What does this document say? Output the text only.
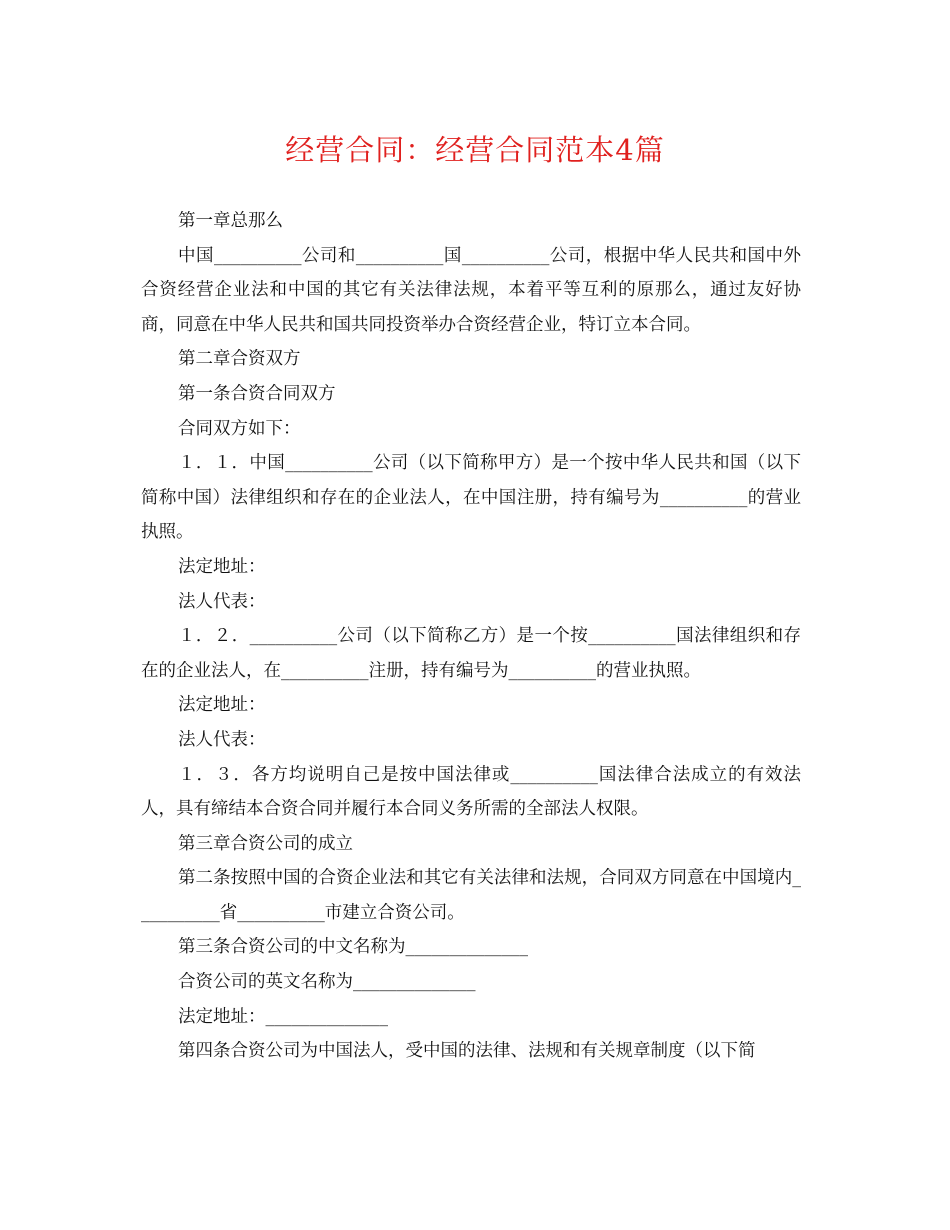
经营合同：经营合同范本4篇

第一章总那么

中国__________公司和__________国__________公司，根据中华人民共和国中外合资经营企业法和中国的其它有关法律法规，本着平等互利的原那么，通过友好协商，同意在中华人民共和国共同投资举办合资经营企业，特订立本合同。

第二章合资双方

第一条合资合同双方

合同双方如下：

１．１．中国__________公司（以下简称甲方）是一个按中华人民共和国（以下简称中国）法律组织和存在的企业法人，在中国注册，持有编号为__________的营业执照。

法定地址：

法人代表：

１．２．__________公司（以下简称乙方）是一个按__________国法律组织和存在的企业法人，在__________注册，持有编号为__________的营业执照。

法定地址：

法人代表：

１．３．各方均说明自己是按中国法律或__________国法律合法成立的有效法人，具有缔结本合资合同并履行本合同义务所需的全部法人权限。

第三章合资公司的成立

第二条按照中国的合资企业法和其它有关法律和法规，合同双方同意在中国境内__________省__________市建立合资公司。

第三条合资公司的中文名称为______________

合资公司的英文名称为______________

法定地址：______________

第四条合资公司为中国法人，受中国的法律、法规和有关规章制度（以下简
